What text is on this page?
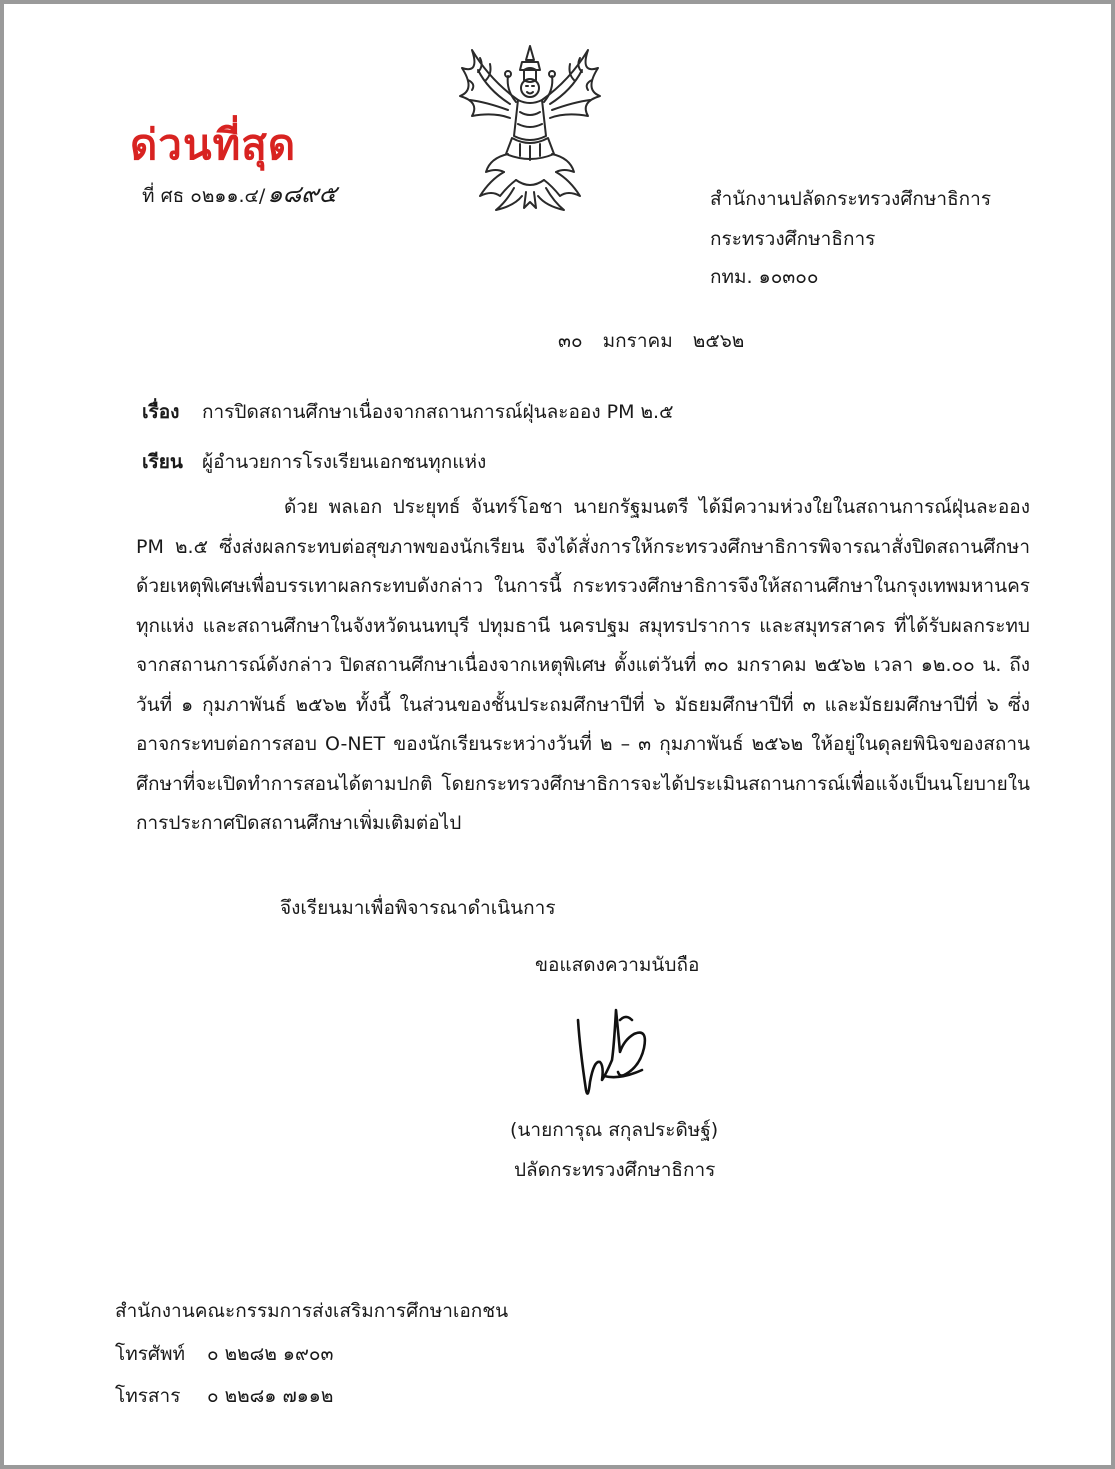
ด่วนที่สุด
ที่ ศธ ๐๒๑๑.๔/๑๘๙๕	สำนักงานปลัดกระทรวงศึกษาธิการ
กระทรวงศึกษาธิการ
กทม. ๑๐๓๐๐
๓๐ มกราคม ๒๕๖๒
เรื่อง การปิดสถานศึกษาเนื่องจากสถานการณ์ฝุ่นละออง PM ๒.๕
เรียน ผู้อำนวยการโรงเรียนเอกชนทุกแห่ง
ด้วย พลเอก ประยุทธ์ จันทร์โอชา นายกรัฐมนตรี ได้มีความห่วงใยในสถานการณ์ฝุ่นละออง PM ๒.๕ ซึ่งส่งผลกระทบต่อสุขภาพของนักเรียน จึงได้สั่งการให้กระทรวงศึกษาธิการพิจารณาสั่งปิดสถานศึกษาด้วยเหตุพิเศษเพื่อบรรเทาผลกระทบดังกล่าว ในการนี้ กระทรวงศึกษาธิการจึงให้สถานศึกษาในกรุงเทพมหานครทุกแห่ง และสถานศึกษาในจังหวัดนนทบุรี ปทุมธานี นครปฐม สมุทรปราการ และสมุทรสาคร ที่ได้รับผลกระทบจากสถานการณ์ดังกล่าว ปิดสถานศึกษาเนื่องจากเหตุพิเศษ ตั้งแต่วันที่ ๓๐ มกราคม ๒๕๖๒ เวลา ๑๒.๐๐ น. ถึงวันที่ ๑ กุมภาพันธ์ ๒๕๖๒ ทั้งนี้ ในส่วนของชั้นประถมศึกษาปีที่ ๖ มัธยมศึกษาปีที่ ๓ และมัธยมศึกษาปีที่ ๖ ซึ่งอาจกระทบต่อการสอบ O-NET ของนักเรียนระหว่างวันที่ ๒ – ๓ กุมภาพันธ์ ๒๕๖๒ ให้อยู่ในดุลยพินิจของสถานศึกษาที่จะเปิดทำการสอนได้ตามปกติ โดยกระทรวงศึกษาธิการจะได้ประเมินสถานการณ์เพื่อแจ้งเป็นนโยบายในการประกาศปิดสถานศึกษาเพิ่มเติมต่อไป
จึงเรียนมาเพื่อพิจารณาดำเนินการ
ขอแสดงความนับถือ
(นายการุณ สกุลประดิษฐ์)
ปลัดกระทรวงศึกษาธิการ
สำนักงานคณะกรรมการส่งเสริมการศึกษาเอกชน
โทรศัพท์ ๐ ๒๒๘๒ ๑๙๐๓
โทรสาร ๐ ๒๒๘๑ ๗๑๑๒
